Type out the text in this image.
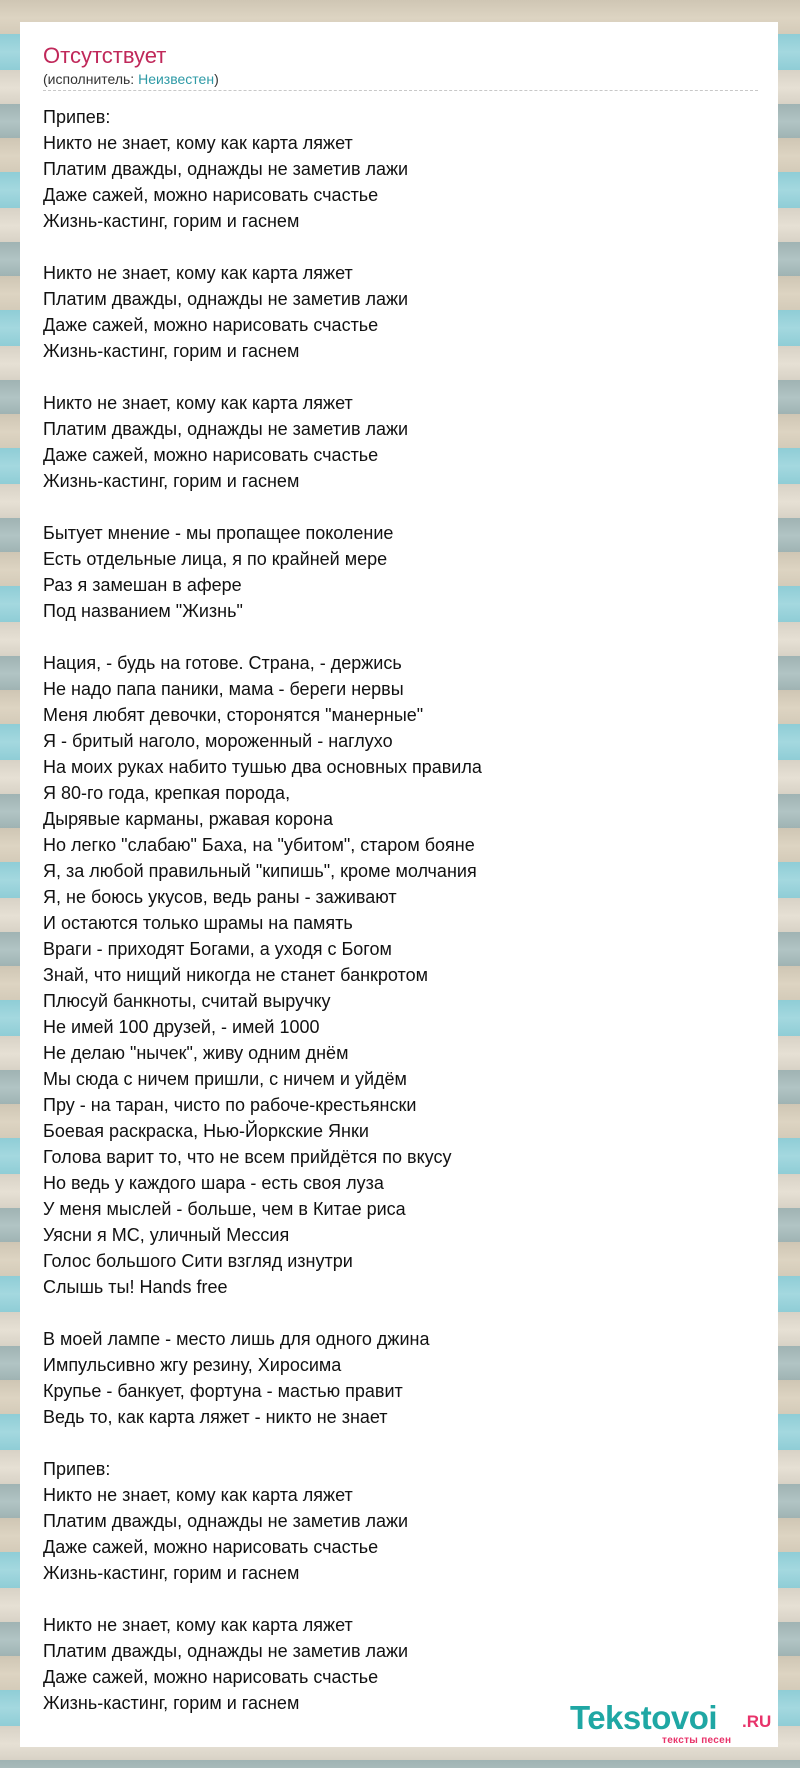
Отсутствует
(исполнитель: Неизвестен)
Припев:
Никто не знает, кому как карта ляжет
Платим дважды, однажды не заметив лажи
Даже сажей, можно нарисовать счастье
Жизнь-кастинг, горим и гаснем
Никто не знает, кому как карта ляжет
Платим дважды, однажды не заметив лажи
Даже сажей, можно нарисовать счастье
Жизнь-кастинг, горим и гаснем
Никто не знает, кому как карта ляжет
Платим дважды, однажды не заметив лажи
Даже сажей, можно нарисовать счастье
Жизнь-кастинг, горим и гаснем
Бытует мнение - мы пропащее поколение
Есть отдельные лица, я по крайней мере
Раз я замешан в афере
Под названием "Жизнь"
Нация, - будь на готове. Страна, - держись
Не надо папа паники, мама - береги нервы
Меня любят девочки, сторонятся "манерные"
Я - бритый наголо, мороженный - наглухо
На моих руках набито тушью два основных правила
Я 80-го года, крепкая порода,
Дырявые карманы, ржавая корона
Но легко "слабаю" Баха, на "убитом", старом бояне
Я, за любой правильный "кипишь", кроме молчания
Я, не боюсь укусов, ведь раны - заживают
И остаются только шрамы на память
Враги - приходят Богами, а уходя с Богом
Знай, что нищий никогда не станет банкротом
Плюсуй банкноты, считай выручку
Не имей 100 друзей, - имей 1000
Не делаю "нычек", живу одним днём
Мы сюда с ничем пришли, с ничем и уйдём
Пру - на таран, чисто по рабоче-крестьянски
Боевая раскраска, Нью-Йоркские Янки
Голова варит то, что не всем прийдётся по вкусу
Но ведь у каждого шара - есть своя луза
У меня мыслей - больше, чем в Китае риса
Уясни я МС, уличный Мессия
Голос большого Сити взгляд изнутри
Слышь ты! Hands free
В моей лампе - место лишь для одного джина
Импульсивно жгу резину, Хиросима
Крупье - банкует, фортуна - мастью правит
Ведь то, как карта ляжет - никто не знает
Припев:
Никто не знает, кому как карта ляжет
Платим дважды, однажды не заметив лажи
Даже сажей, можно нарисовать счастье
Жизнь-кастинг, горим и гаснем
Никто не знает, кому как карта ляжет
Платим дважды, однажды не заметив лажи
Даже сажей, можно нарисовать счастье
Жизнь-кастинг, горим и гаснем	Tekstovoi .RU
тексты песен
